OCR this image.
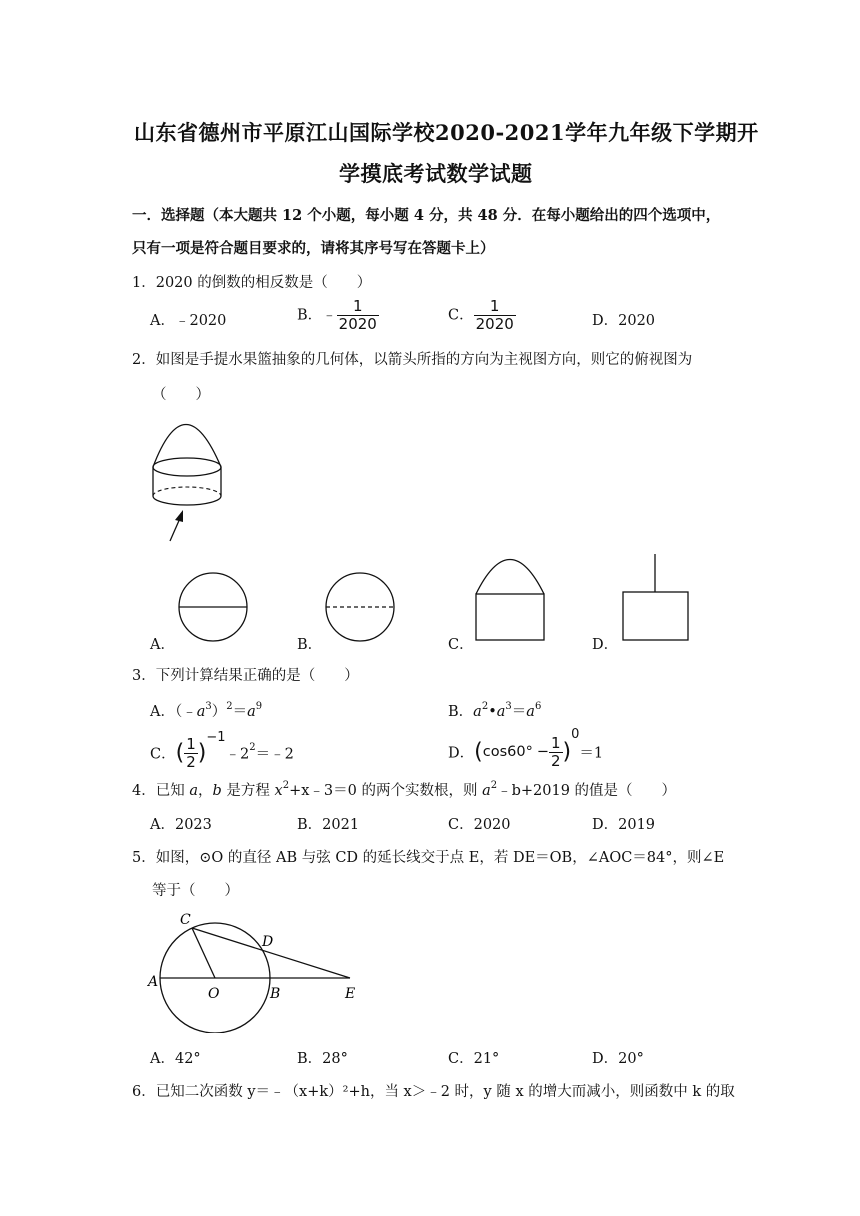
山东省德州市平原江山国际学校2020-2021学年九年级下学期开
学摸底考试数学试题
一．选择题（本大题共 12 个小题，每小题 4 分，共 48 分．在每小题给出的四个选项中，
只有一项是符合题目要求的，请将其序号写在答题卡上）
1．2020 的倒数的相反数是（　　）
A．﹣2020	B．﹣ $\frac{1}{2020}$	C． $\frac{1}{2020}$	D．2020
2．如图是手提水果篮抽象的几何体，以箭头所指的方向为主视图方向，则它的俯视图为
（　　）
A．	B．	C．	D．
3．下列计算结果正确的是（　　）
A．$(﹣a^3)^2=a^9$	B．$a^2•a^3=a^6$
C．( $\frac{1}{2}$ )$-1﹣2^2=﹣2$	D．$(\cos 60^\circ - \frac{1}{2} )0=1$
4．已知 a，b 是方程 $x^2+x﹣3=0$ 的两个实数根，则 $a^2﹣b+2019$ 的值是（　　）
A．2023	B．2021	C．2020	D．2019
5．如图，⊙O 的直径 AB 与弦 CD 的延长线交于点 E，若 DE＝OB，∠AOC＝84°，则∠E
等于（　　）
C
D
A
O	B	E
A．42°	B．28°	C．21°	D．20°
6．已知二次函数 y＝﹣（x+k）²+h，当 x＞﹣2 时，y 随 x 的增大而减小，则函数中 k 的取
